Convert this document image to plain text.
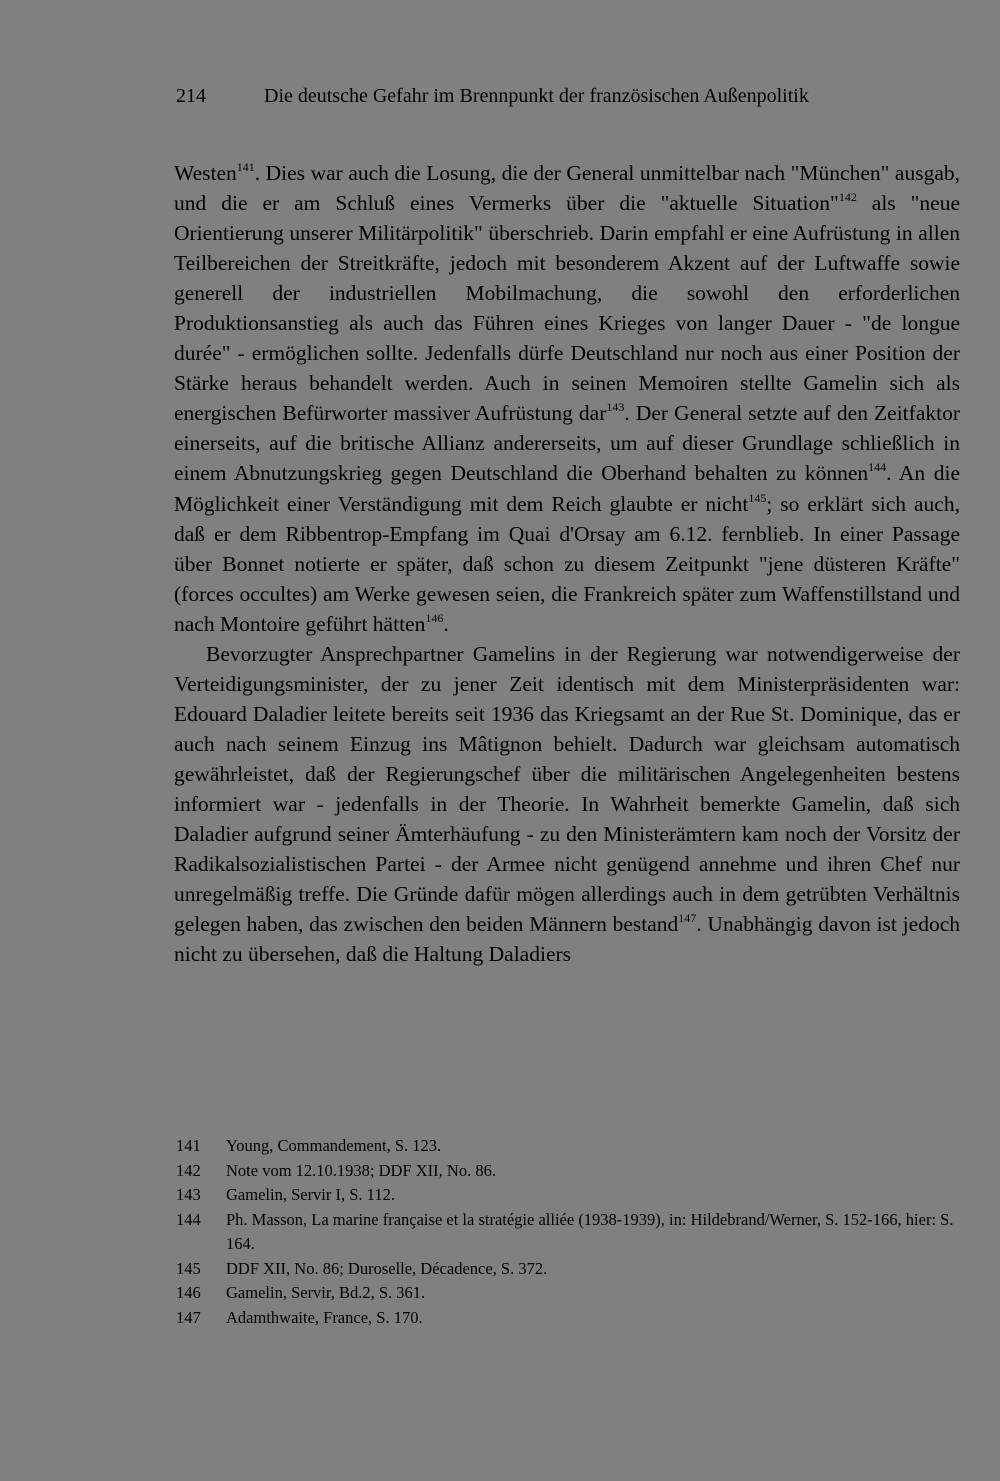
214	Die deutsche Gefahr im Brennpunkt der französischen Außenpolitik

Westen$^{141}$. Dies war auch die Losung, die der General unmittelbar nach "München" ausgab, und die er am Schluß eines Vermerks über die "aktuelle Situation"$^{142}$ als "neue Orientierung unserer Militärpolitik" überschrieb. Darin empfahl er eine Aufrüstung in allen Teilbereichen der Streitkräfte, jedoch mit besonderem Akzent auf der Luftwaffe sowie generell der industriellen Mobilmachung, die sowohl den erforderlichen Produktionsanstieg als auch das Führen eines Krieges von langer Dauer - "de longue durée" - ermöglichen sollte. Jedenfalls dürfe Deutschland nur noch aus einer Position der Stärke heraus behandelt werden. Auch in seinen Memoiren stellte Gamelin sich als energischen Befürworter massiver Aufrüstung dar$^{143}$. Der General setzte auf den Zeitfaktor einerseits, auf die britische Allianz andererseits, um auf dieser Grundlage schließlich in einem Abnutzungskrieg gegen Deutschland die Oberhand behalten zu können$^{144}$. An die Möglichkeit einer Verständigung mit dem Reich glaubte er nicht$^{145}$; so erklärt sich auch, daß er dem Ribbentrop-Empfang im Quai d'Orsay am 6.12. fernblieb. In einer Passage über Bonnet notierte er später, daß schon zu diesem Zeitpunkt "jene düsteren Kräfte" (forces occultes) am Werke gewesen seien, die Frankreich später zum Waffenstillstand und nach Montoire geführt hätten$^{146}$.

Bevorzugter Ansprechpartner Gamelins in der Regierung war notwendigerweise der Verteidigungsminister, der zu jener Zeit identisch mit dem Ministerpräsidenten war: Edouard Daladier leitete bereits seit 1936 das Kriegsamt an der Rue St. Dominique, das er auch nach seinem Einzug ins Mâtignon behielt. Dadurch war gleichsam automatisch gewährleistet, daß der Regierungschef über die militärischen Angelegenheiten bestens informiert war - jedenfalls in der Theorie. In Wahrheit bemerkte Gamelin, daß sich Daladier aufgrund seiner Ämterhäufung - zu den Ministerämtern kam noch der Vorsitz der Radikalsozialistischen Partei - der Armee nicht genügend annehme und ihren Chef nur unregelmäßig treffe. Die Gründe dafür mögen allerdings auch in dem getrübten Verhältnis gelegen haben, das zwischen den beiden Männern bestand$^{147}$. Unabhängig davon ist jedoch nicht zu übersehen, daß die Haltung Daladiers

141	Young, Commandement, S. 123.
142	Note vom 12.10.1938; DDF XII, No. 86.
143	Gamelin, Servir I, S. 112.
144	Ph. Masson, La marine française et la stratégie alliée (1938-1939), in: Hildebrand/Werner, S. 152-166, hier: S. 164.
145	DDF XII, No. 86; Duroselle, Décadence, S. 372.
146	Gamelin, Servir, Bd.2, S. 361.
147	Adamthwaite, France, S. 170.
